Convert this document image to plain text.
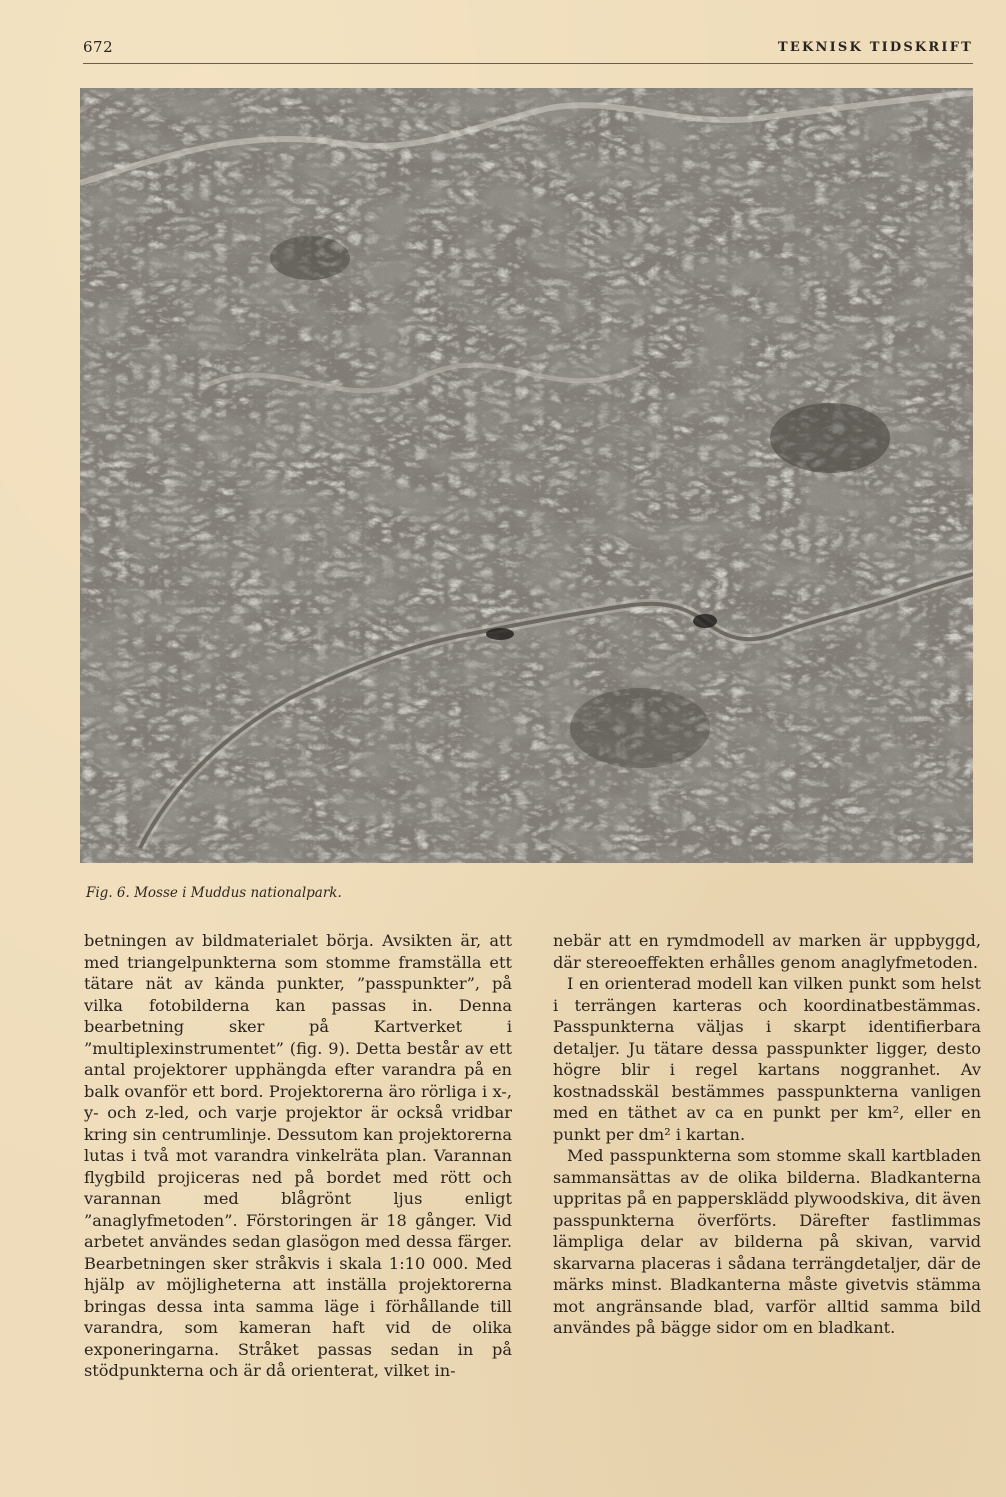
672	TEKNISK TIDSKRIFT
Fig. 6. Mosse i Muddus nationalpark.

betningen av bildmaterialet börja. Avsikten är, att med triangelpunkterna som stomme framställa ett tätare nät av kända punkter, ”passpunkter”, på vilka fotobilderna kan passas in. Denna bearbetning sker på Kartverket i ”multiplexinstrumentet” (fig. 9). Detta består av ett antal projektorer upphängda efter varandra på en balk ovanför ett bord. Projektorerna äro rörliga i x-, y- och z-led, och varje projektor är också vridbar kring sin centrumlinje. Dessutom kan projektorerna lutas i två mot varandra vinkelräta plan. Varannan flygbild projiceras ned på bordet med rött och varannan med blågrönt ljus enligt ”anaglyfmetoden”. Förstoringen är 18 gånger. Vid arbetet användes sedan glasögon med dessa färger. Bearbetningen sker stråkvis i skala 1:10 000. Med hjälp av möjligheterna att inställa projektorerna bringas dessa inta samma läge i förhållande till varandra, som kameran haft vid de olika exponeringarna. Stråket passas sedan in på stödpunkterna och är då orienterat, vilket in-

nebär att en rymdmodell av marken är uppbyggd, där stereoeffekten erhålles genom anaglyfmetoden.

I en orienterad modell kan vilken punkt som helst i terrängen karteras och koordinatbestämmas. Passpunkterna väljas i skarpt identifierbara detaljer. Ju tätare dessa passpunkter ligger, desto högre blir i regel kartans noggranhet. Av kostnadsskäl bestämmes passpunkterna vanligen med en täthet av ca en punkt per km², eller en punkt per dm² i kartan.

Med passpunkterna som stomme skall kartbladen sammansättas av de olika bilderna. Bladkanterna uppritas på en pappersklädd plywoodskiva, dit även passpunkterna överförts. Därefter fastlimmas lämpliga delar av bilderna på skivan, varvid skarvarna placeras i sådana terrängdetaljer, där de märks minst. Bladkanterna måste givetvis stämma mot angränsande blad, varför alltid samma bild användes på bägge sidor om en bladkant.
